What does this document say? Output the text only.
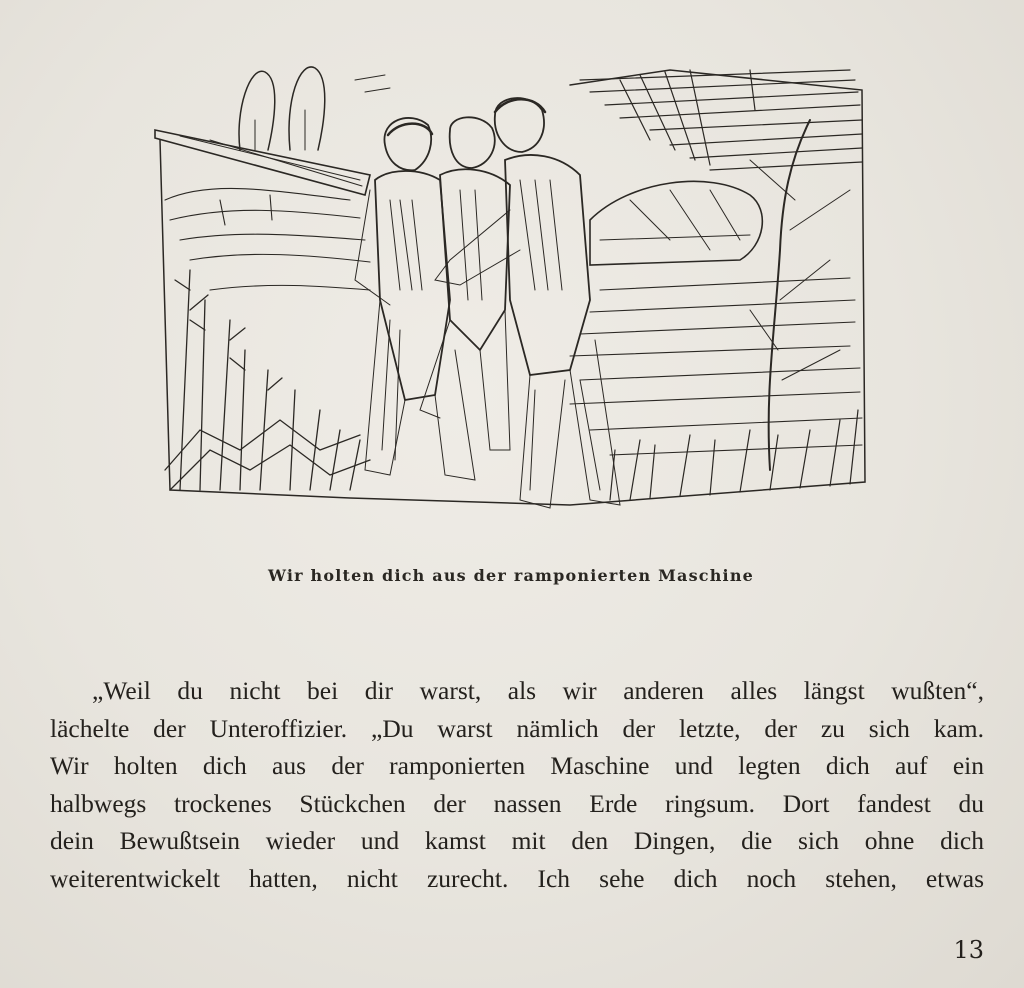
Wir holten dich aus der ramponierten Maschine
„Weil du nicht bei dir warst, als wir anderen alles längst wußten“,
lächelte der Unteroffizier. „Du warst nämlich der letzte, der zu sich kam.
Wir holten dich aus der ramponierten Maschine und legten dich auf ein
halbwegs trockenes Stückchen der nassen Erde ringsum. Dort fandest du
dein Bewußtsein wieder und kamst mit den Dingen, die sich ohne dich
weiterentwickelt hatten, nicht zurecht. Ich sehe dich noch stehen, etwas
13
